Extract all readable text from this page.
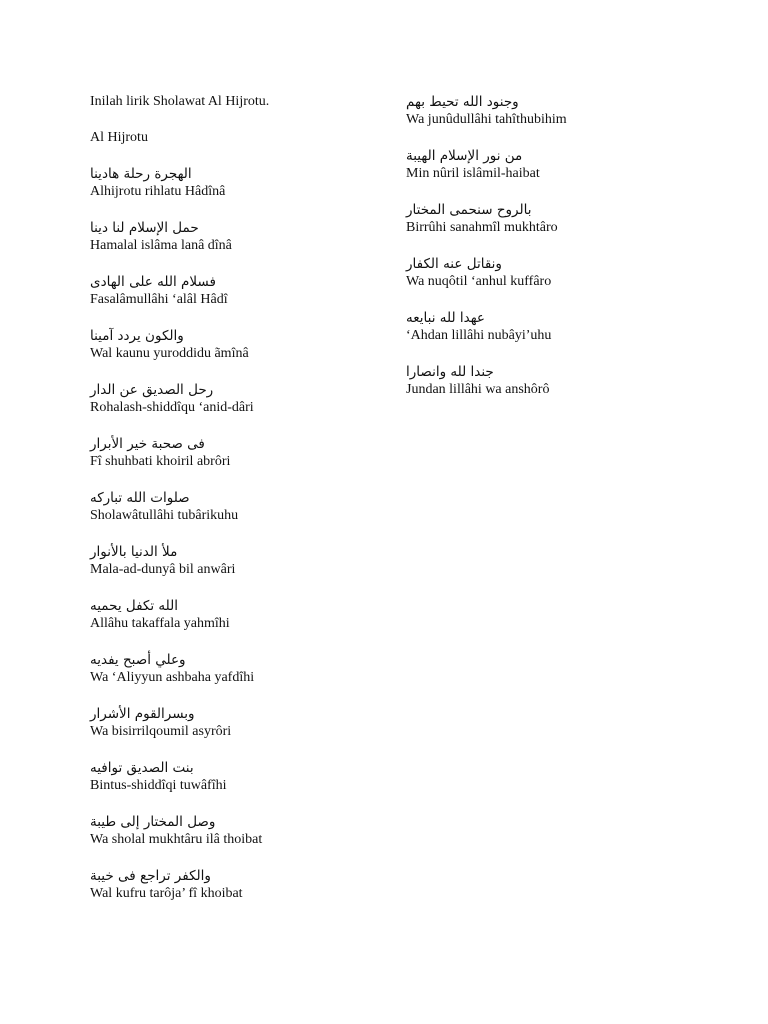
Inilah lirik Sholawat Al Hijrotu.
Al Hijrotu
الهجرة رحلة هادينا
Alhijrotu rihlatu Hâdînâ
حمل الإسلام لنا دينا
Hamalal islâma lanâ dînâ
فسلام الله على الهادى
Fasalâmullâhi ‘alâl Hâdî
والكون يردد آمينا
Wal kaunu yuroddidu ãmînâ
رحل الصديق عن الدار
Rohalash-shiddîqu ‘anid-dâri
فى صحبة خير الأبرار
Fî shuhbati khoiril abrôri
صلوات الله تباركه
Sholawâtullâhi tubârikuhu
ملأ الدنيا بالأنوار
Mala-ad-dunyâ bil anwâri
الله تكفل يحميه
Allâhu takaffala yahmîhi
وعلي أصبح يفديه
Wa ‘Aliyyun ashbaha yafdîhi
وبسرالقوم الأشرار
Wa bisirrilqoumil asyrôri
بنت الصديق توافيه
Bintus-shiddîqi tuwâfîhi
وصل المختار إلى طيبة
Wa sholal mukhtâru ilâ thoibat
والكفر تراجع فى خيبة
Wal kufru tarôja’ fî khoibat
وجنود الله تحيط بهم
Wa junûdullâhi tahîthubihim
من نور الإسلام الهيبة
Min nûril islâmil-haibat
بالروح سنحمى المختار
Birrûhi sanahmîl mukhtâro
ونقاتل عنه الكفار
Wa nuqôtil ‘anhul kuffâro
عهدا لله نبايعه
‘Ahdan lillâhi nubâyi’uhu
جندا لله وانصارا
Jundan lillâhi wa anshôrô
